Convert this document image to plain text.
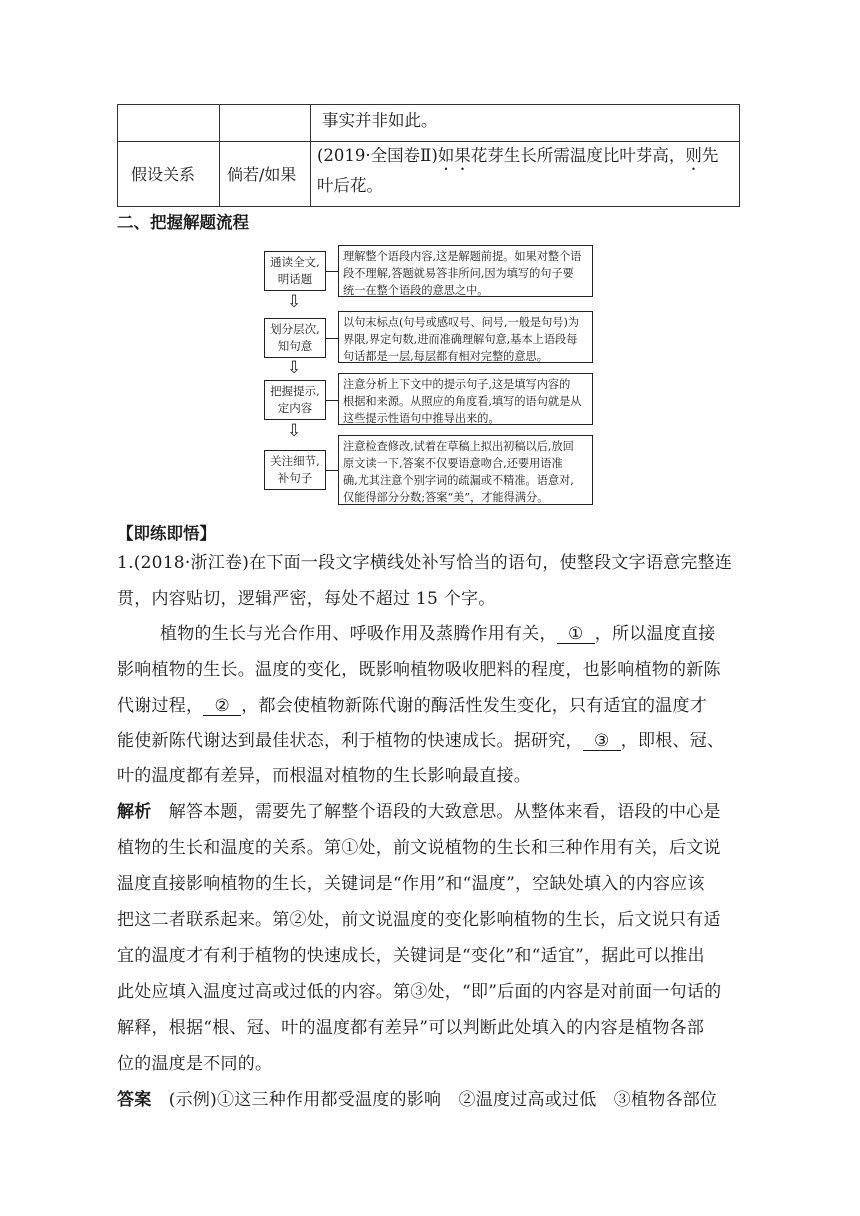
事实并非如此。
假设关系 倘若/如果
(2019·全国卷Ⅱ)如果花芽生长所需温度比叶芽高，则先
叶后花。
二、把握解题流程
通读全文,
明话题
理解整个语段内容,这是解题前提。如果对整个语
段不理解,答题就易答非所问,因为填写的句子要
统一在整个语段的意思之中。
⇩
划分层次,
知句意
以句末标点(句号或感叹号、问号,一般是句号)为
界限,界定句数,进而准确理解句意,基本上语段每
句话都是一层,每层都有相对完整的意思。
⇩
把握提示,
定内容
注意分析上下文中的提示句子,这是填写内容的
根据和来源。从照应的角度看,填写的语句就是从
这些提示性语句中推导出来的。
⇩
关注细节,
补句子
注意检查修改,试着在草稿上拟出初稿以后,放回
原文读一下,答案不仅要语意吻合,还要用语准
确,尤其注意个别字词的疏漏或不精准。语意对,
仅能得部分分数;答案“美”，才能得满分。
【即练即悟】
1.(2018·浙江卷)在下面一段文字横线处补写恰当的语句，使整段文字语意完整连
贯，内容贴切，逻辑严密，每处不超过 15 个字。
植物的生长与光合作用、呼吸作用及蒸腾作用有关， ① ，所以温度直接
影响植物的生长。温度的变化，既影响植物吸收肥料的程度，也影响植物的新陈
代谢过程， ② ，都会使植物新陈代谢的酶活性发生变化，只有适宜的温度才
能使新陈代谢达到最佳状态，利于植物的快速成长。据研究， ③ ，即根、冠、
叶的温度都有差异，而根温对植物的生长影响最直接。
解析　 解答本题，需要先了解整个语段的大致意思。从整体来看，语段的中心是
植物的生长和温度的关系。第①处，前文说植物的生长和三种作用有关，后文说
温度直接影响植物的生长，关键词是“作用”和“温度”，空缺处填入的内容应该
把这二者联系起来。第②处，前文说温度的变化影响植物的生长，后文说只有适
宜的温度才有利于植物的快速成长，关键词是“变化”和“适宜”，据此可以推出
此处应填入温度过高或过低的内容。第③处，“即”后面的内容是对前面一句话的
解释，根据“根、冠、叶的温度都有差异”可以判断此处填入的内容是植物各部
位的温度是不同的。
答案　 (示例)①这三种作用都受温度的影响　②温度过高或过低　③植物各部位
